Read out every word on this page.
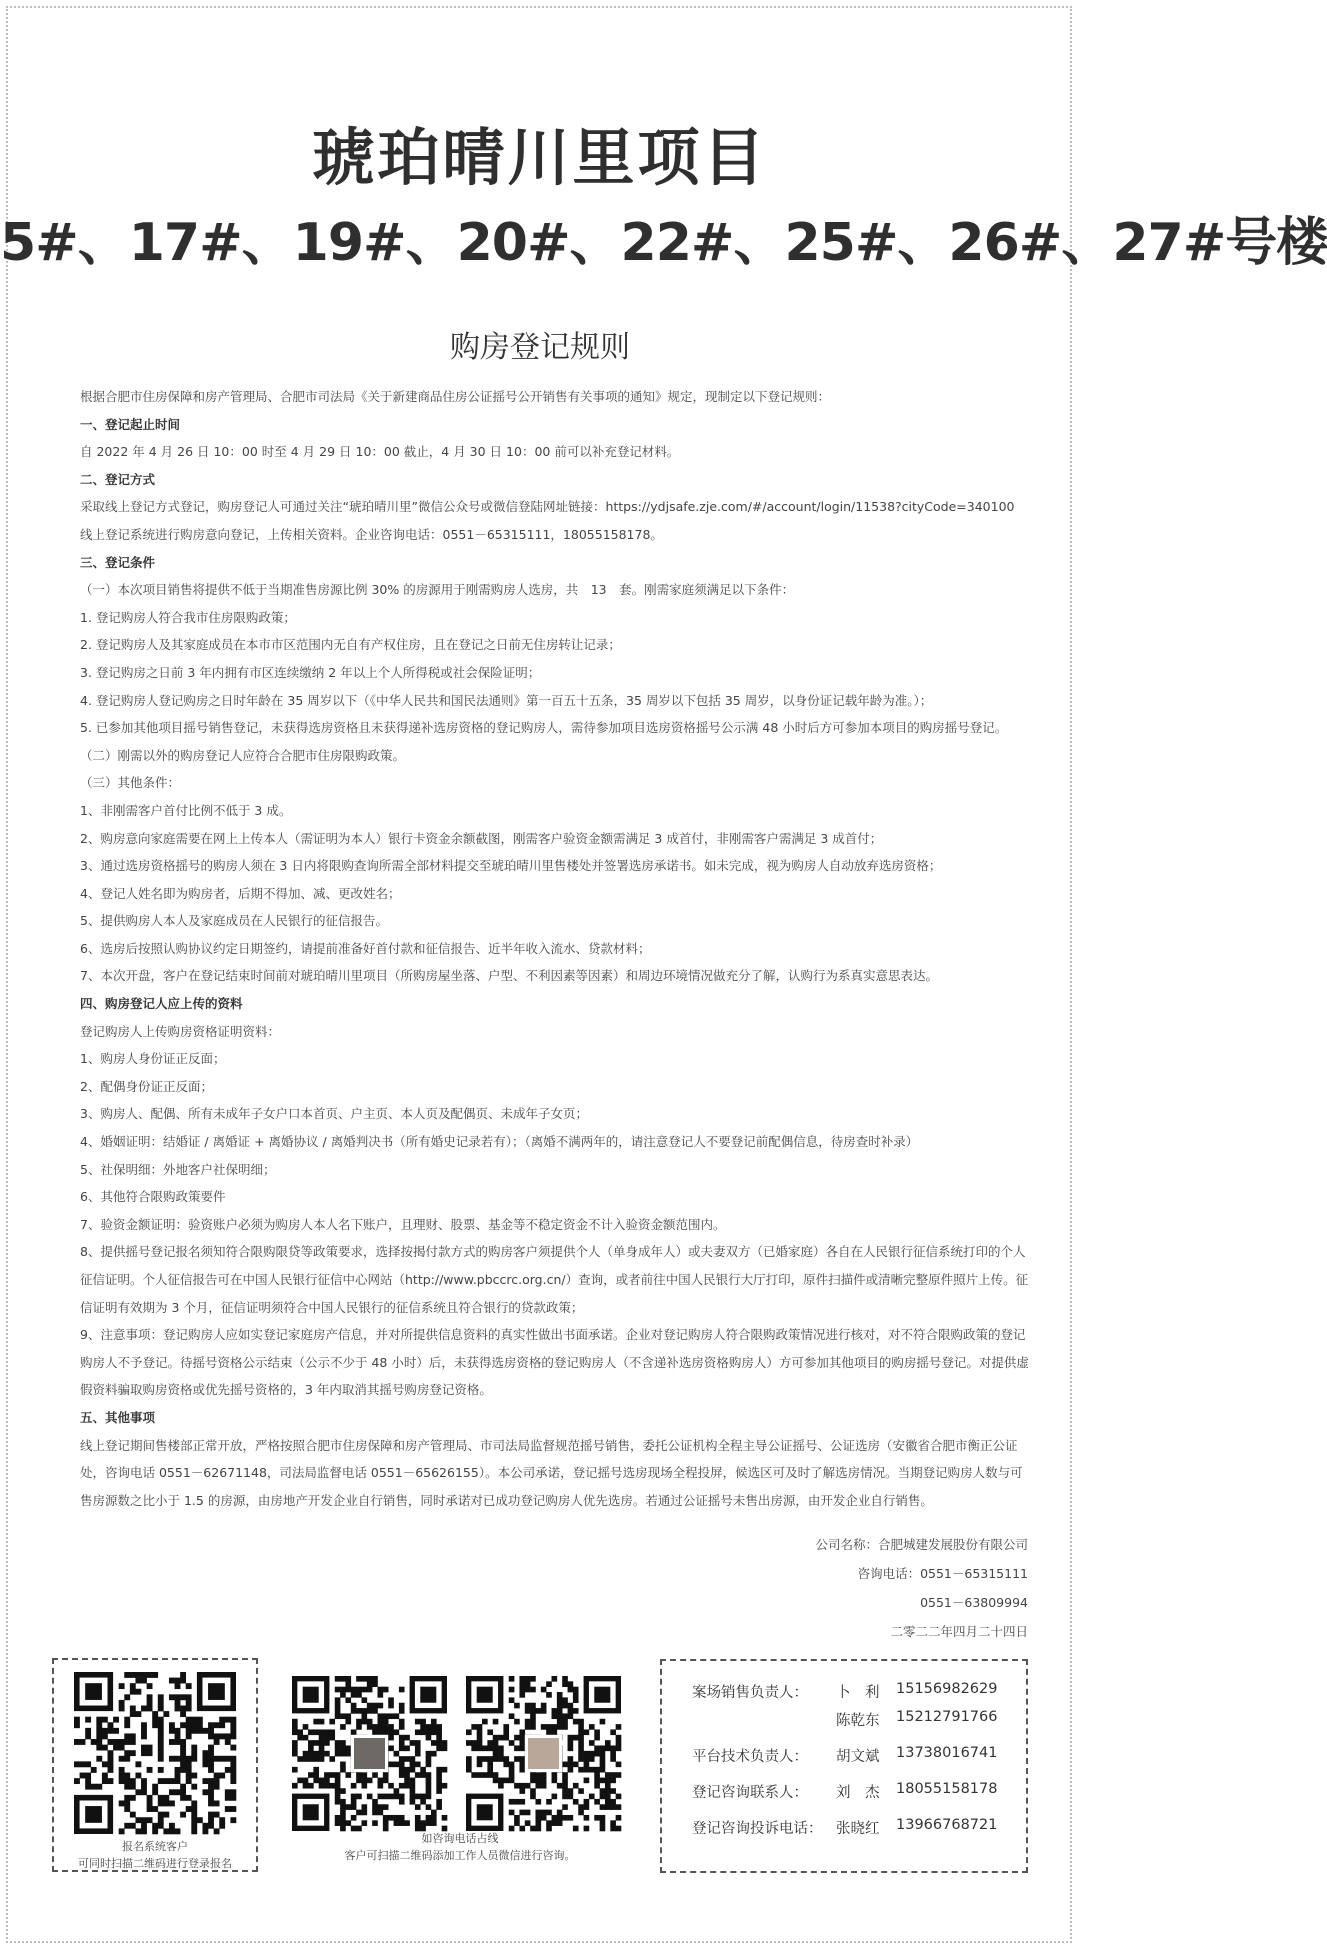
琥珀晴川里项目
5#、17#、19#、20#、22#、25#、26#、27#号楼
购房登记规则

根据合肥市住房保障和房产管理局、合肥市司法局《关于新建商品住房公证摇号公开销售有关事项的通知》规定，现制定以下登记规则：

一、登记起止时间

自 2022 年 4 月 26 日 10：00 时至 4 月 29 日 10：00 截止，4 月 30 日 10：00 前可以补充登记材料。

二、登记方式

采取线上登记方式登记，购房登记人可通过关注“琥珀晴川里”微信公众号或微信登陆网址链接：https://ydjsafe.zje.com/#/account/login/11538?cityCode=340100 线上登记系统进行购房意向登记，上传相关资料。企业咨询电话：0551－65315111，18055158178。

三、登记条件

（一）本次项目销售将提供不低于当期准售房源比例 30% 的房源用于刚需购房人选房，共　13　套。刚需家庭须满足以下条件：

1. 登记购房人符合我市住房限购政策；

2. 登记购房人及其家庭成员在本市市区范围内无自有产权住房，且在登记之日前无住房转让记录；

3. 登记购房之日前 3 年内拥有市区连续缴纳 2 年以上个人所得税或社会保险证明；

4. 登记购房人登记购房之日时年龄在 35 周岁以下（《中华人民共和国民法通则》第一百五十五条，35 周岁以下包括 35 周岁，以身份证记载年龄为准。）；

5. 已参加其他项目摇号销售登记，未获得选房资格且未获得递补选房资格的登记购房人，需待参加项目选房资格摇号公示满 48 小时后方可参加本项目的购房摇号登记。

（二）刚需以外的购房登记人应符合合肥市住房限购政策。

（三）其他条件：

1、非刚需客户首付比例不低于 3 成。

2、购房意向家庭需要在网上上传本人（需证明为本人）银行卡资金余额截图，刚需客户验资金额需满足 3 成首付，非刚需客户需满足 3 成首付；

3、通过选房资格摇号的购房人须在 3 日内将限购查询所需全部材料提交至琥珀晴川里售楼处并签署选房承诺书。如未完成，视为购房人自动放弃选房资格；

4、登记人姓名即为购房者，后期不得加、减、更改姓名；

5、提供购房人本人及家庭成员在人民银行的征信报告。

6、选房后按照认购协议约定日期签约，请提前准备好首付款和征信报告、近半年收入流水、贷款材料；

7、本次开盘，客户在登记结束时间前对琥珀晴川里项目（所购房屋坐落、户型、不利因素等因素）和周边环境情况做充分了解，认购行为系真实意思表达。

四、购房登记人应上传的资料

登记购房人上传购房资格证明资料：

1、购房人身份证正反面；

2、配偶身份证正反面；

3、购房人、配偶、所有未成年子女户口本首页、户主页、本人页及配偶页、未成年子女页；

4、婚姻证明：结婚证 / 离婚证 + 离婚协议 / 离婚判决书（所有婚史记录若有）；（离婚不满两年的，请注意登记人不要登记前配偶信息，待房查时补录）

5、社保明细：外地客户社保明细；

6、其他符合限购政策要件

7、验资金额证明：验资账户必须为购房人本人名下账户，且理财、股票、基金等不稳定资金不计入验资金额范围内。

8、提供摇号登记报名须知符合限购限贷等政策要求，选择按揭付款方式的购房客户须提供个人（单身成年人）或夫妻双方（已婚家庭）各自在人民银行征信系统打印的个人征信证明。个人征信报告可在中国人民银行征信中心网站（http://www.pbccrc.org.cn/）查询，或者前往中国人民银行大厅打印，原件扫描件或清晰完整原件照片上传。征信证明有效期为 3 个月，征信证明须符合中国人民银行的征信系统且符合银行的贷款政策；

9、注意事项：登记购房人应如实登记家庭房产信息，并对所提供信息资料的真实性做出书面承诺。企业对登记购房人符合限购政策情况进行核对，对不符合限购政策的登记购房人不予登记。待摇号资格公示结束（公示不少于 48 小时）后，未获得选房资格的登记购房人（不含递补选房资格购房人）方可参加其他项目的购房摇号登记。对提供虚假资料骗取购房资格或优先摇号资格的，3 年内取消其摇号购房登记资格。

五、其他事项

线上登记期间售楼部正常开放，严格按照合肥市住房保障和房产管理局、市司法局监督规范摇号销售，委托公证机构全程主导公证摇号、公证选房（安徽省合肥市衡正公证处，咨询电话 0551－62671148，司法局监督电话 0551－65626155）。本公司承诺，登记摇号选房现场全程投屏，候选区可及时了解选房情况。当期登记购房人数与可售房源数之比小于 1.5 的房源，由房地产开发企业自行销售，同时承诺对已成功登记购房人优先选房。若通过公证摇号未售出房源，由开发企业自行销售。

公司名称：合肥城建发展股份有限公司
咨询电话：0551－65315111
0551－63809994
二零二二年四月二十四日
报名系统客户
可同时扫描二维码进行登录报名
如咨询电话占线
客户可扫描二维码添加工作人员微信进行咨询。
案场销售负责人： 卜　利 15156982629
陈乾东 15212791766
平台技术负责人： 胡文斌 13738016741
登记咨询联系人： 刘　杰 18055158178
登记咨询投诉电话： 张晓红 13966768721
